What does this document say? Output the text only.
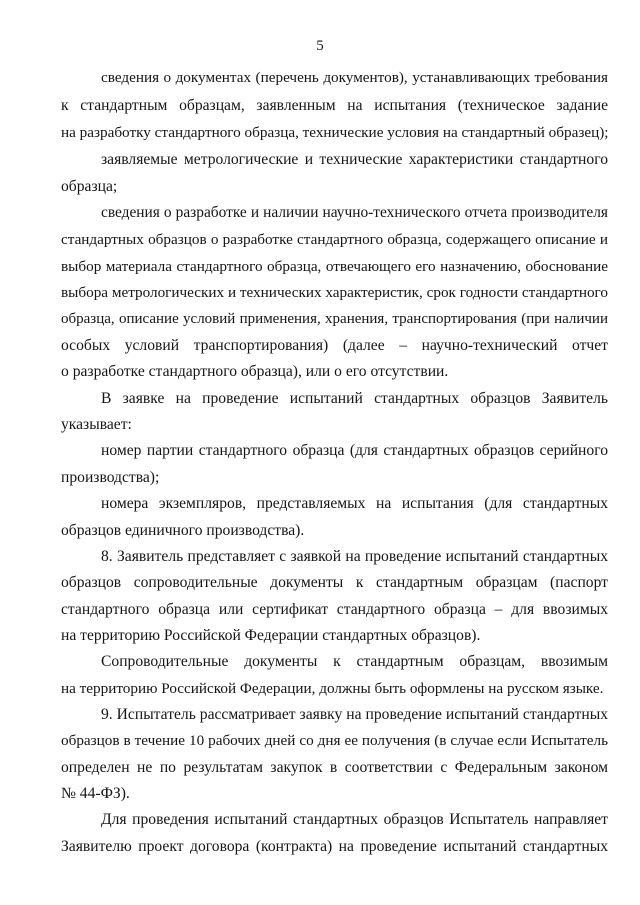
5
сведения о документах (перечень документов), устанавливающих требования
к стандартным образцам, заявленным на испытания (техническое задание
на разработку стандартного образца, технические условия на стандартный образец);
заявляемые метрологические и технические характеристики стандартного
образца;
сведения о разработке и наличии научно-технического отчета производителя
стандартных образцов о разработке стандартного образца, содержащего описание и
выбор материала стандартного образца, отвечающего его назначению, обоснование
выбора метрологических и технических характеристик, срок годности стандартного
образца, описание условий применения, хранения, транспортирования (при наличии
особых условий транспортирования) (далее – научно-технический отчет
о разработке стандартного образца), или о его отсутствии.
В заявке на проведение испытаний стандартных образцов Заявитель
указывает:
номер партии стандартного образца (для стандартных образцов серийного
производства);
номера экземпляров, представляемых на испытания (для стандартных
образцов единичного производства).
8. Заявитель представляет с заявкой на проведение испытаний стандартных
образцов сопроводительные документы к стандартным образцам (паспорт
стандартного образца или сертификат стандартного образца – для ввозимых
на территорию Российской Федерации стандартных образцов).
Сопроводительные документы к стандартным образцам, ввозимым
на территорию Российской Федерации, должны быть оформлены на русском языке.
9. Испытатель рассматривает заявку на проведение испытаний стандартных
образцов в течение 10 рабочих дней со дня ее получения (в случае если Испытатель
определен не по результатам закупок в соответствии с Федеральным законом
№ 44-ФЗ).
Для проведения испытаний стандартных образцов Испытатель направляет
Заявителю проект договора (контракта) на проведение испытаний стандартных
